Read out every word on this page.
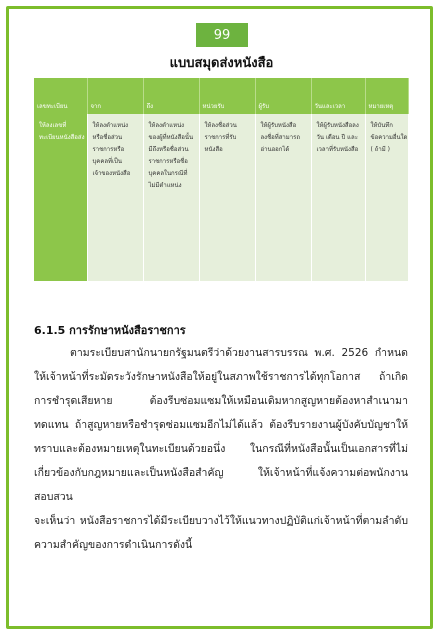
99
แบบสมุดส่งหนังสือ
เลขทะเบียน	จาก	ถึง	หน่วยรับ	ผู้รับ	วันและเวลา	หมายเหตุ

ให้ลงเลขที่ทะเบียนหนังสือส่ง	ให้ลงตำแหน่งหรือชื่อส่วนราชการหรือบุคคลที่เป็นเจ้าของหนังสือ	ให้ลงตำแหน่งของผู้ที่หนังสือนั้นมีถึงหรือชื่อส่วนราชการหรือชื่อบุคคลในกรณีที่ไม่มีตำแหน่ง	ให้ลงชื่อส่วนราชการที่รับหนังสือ	ให้ผู้รับหนังสือลงชื่อที่สามารถอ่านออกได้	ให้ผู้รับหนังสือลงวัน เดือน ปี และเวลาที่รับหนังสือ	ให้บันทึกข้อความอื่นใด ( ถ้ามี )
6.1.5 การรักษาหนังสือราชการ

ตามระเบียบสานักนายกรัฐมนตรีว่าด้วยงานสารบรรณ พ.ศ. 2526 กำหนดให้เจ้าหน้าที่ระมัดระวังรักษาหนังสือให้อยู่ในสภาพใช้ราชการได้ทุกโอกาส ถ้าเกิดการชำรุดเสียหาย ต้องรีบซ่อมแซมให้เหมือนเดิมหากสูญหายต้องหาสำเนามาทดแทน ถ้าสูญหายหรือชำรุดซ่อมแซมอีกไม่ได้แล้ว ต้องรีบรายงานผู้บังคับบัญชาให้ทราบและต้องหมายเหตุในทะเบียนด้วยอนึ่ง ในกรณีที่หนังสือนั้นเป็นเอกสารที่ไม่เกี่ยวข้องกับกฎหมายและเป็นหนังสือสำคัญ ให้เจ้าหน้าที่แจ้งความต่อพนักงานสอบสวน

จะเห็นว่า หนังสือราชการได้มีระเบียบวางไว้ให้แนวทางปฏิบัติแก่เจ้าหน้าที่ตามลำดับความสำคัญของการดำเนินการดังนี้
